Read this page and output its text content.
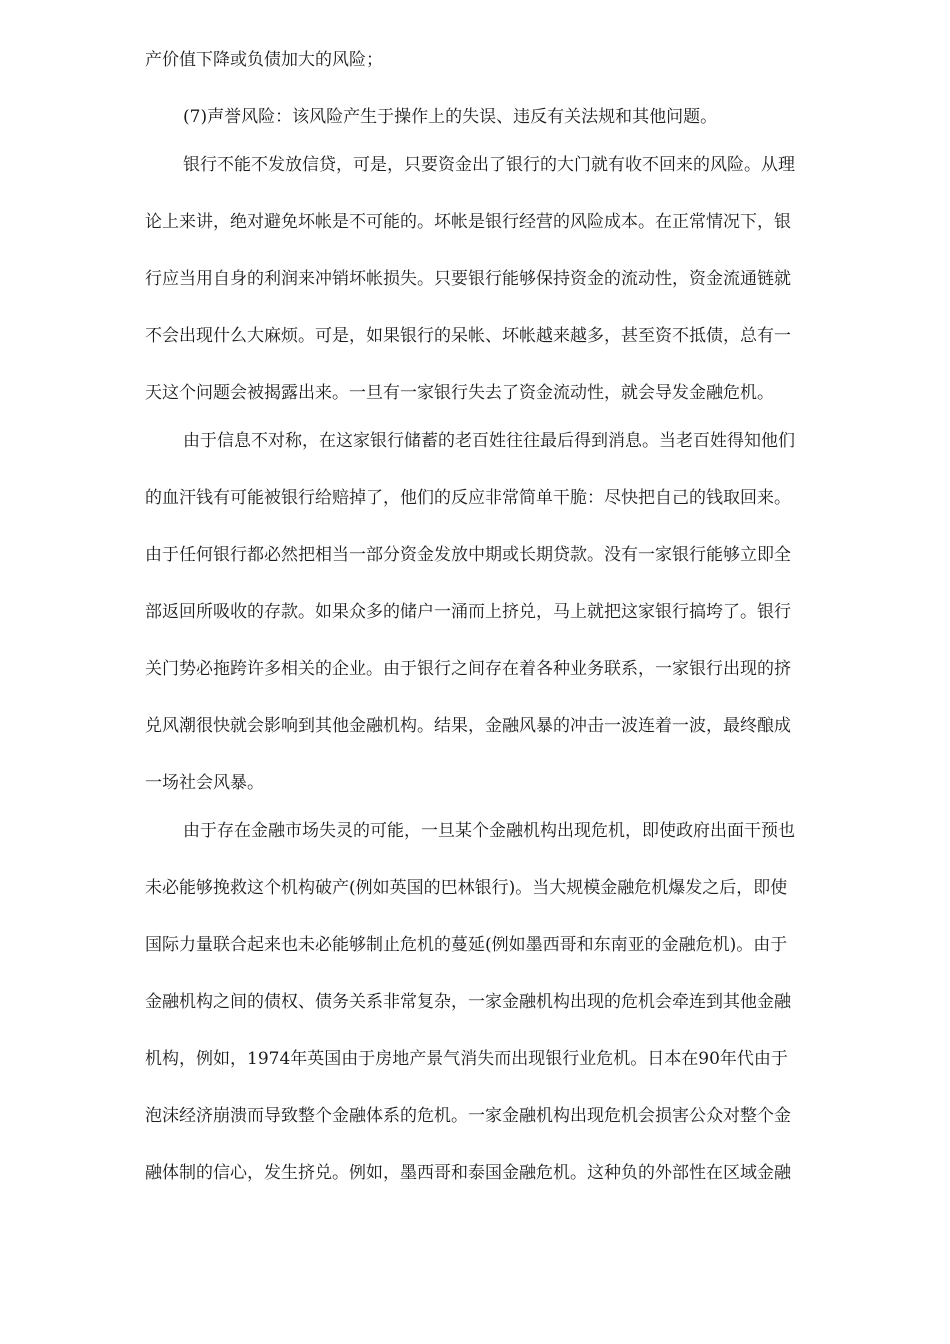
产价值下降或负债加大的风险；
(7)声誉风险：该风险产生于操作上的失误、违反有关法规和其他问题。
银行不能不发放信贷，可是，只要资金出了银行的大门就有收不回来的风险。从理
论上来讲，绝对避免坏帐是不可能的。坏帐是银行经营的风险成本。在正常情况下，银
行应当用自身的利润来冲销坏帐损失。只要银行能够保持资金的流动性，资金流通链就
不会出现什么大麻烦。可是，如果银行的呆帐、坏帐越来越多，甚至资不抵债，总有一
天这个问题会被揭露出来。一旦有一家银行失去了资金流动性，就会导发金融危机。
由于信息不对称，在这家银行储蓄的老百姓往往最后得到消息。当老百姓得知他们
的血汗钱有可能被银行给赔掉了，他们的反应非常简单干脆：尽快把自己的钱取回来。
由于任何银行都必然把相当一部分资金发放中期或长期贷款。没有一家银行能够立即全
部返回所吸收的存款。如果众多的储户一涌而上挤兑，马上就把这家银行搞垮了。银行
关门势必拖跨许多相关的企业。由于银行之间存在着各种业务联系，一家银行出现的挤
兑风潮很快就会影响到其他金融机构。结果，金融风暴的冲击一波连着一波，最终酿成
一场社会风暴。
由于存在金融市场失灵的可能，一旦某个金融机构出现危机，即使政府出面干预也
未必能够挽救这个机构破产(例如英国的巴林银行)。当大规模金融危机爆发之后，即使
国际力量联合起来也未必能够制止危机的蔓延(例如墨西哥和东南亚的金融危机)。由于
金融机构之间的债权、债务关系非常复杂，一家金融机构出现的危机会牵连到其他金融
机构，例如，1974年英国由于房地产景气消失而出现银行业危机。日本在90年代由于
泡沫经济崩溃而导致整个金融体系的危机。一家金融机构出现危机会损害公众对整个金
融体制的信心，发生挤兑。例如，墨西哥和泰国金融危机。这种负的外部性在区域金融
